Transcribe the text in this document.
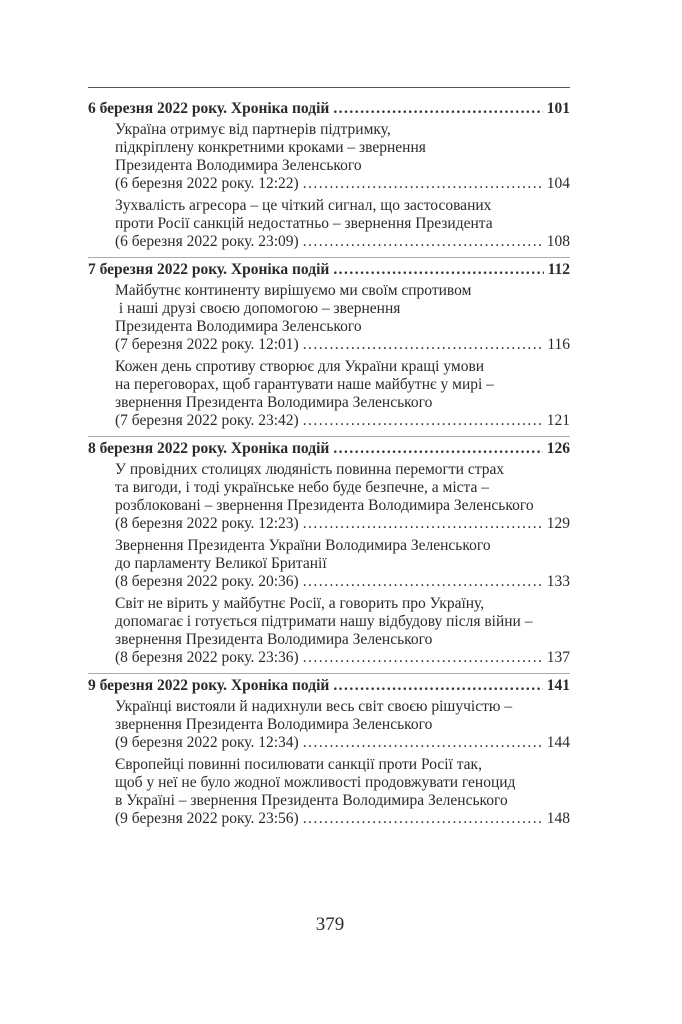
6 березня 2022 року. Хроніка подій . . .	101
Україна отримує від партнерів підтримку,
підкріплену конкретними кроками – звернення
Президента Володимира Зеленського
(6 березня 2022 року. 12:22) . . .	104
Зухвалість агресора – це чіткий сигнал, що застосованих
проти Росії санкцій недостатньо – звернення Президента
(6 березня 2022 року. 23:09) . . .	108
7 березня 2022 року. Хроніка подій . . .	112
Майбутнє континенту вирішуємо ми своїм спротивом
і наші друзі своєю допомогою – звернення
Президента Володимира Зеленського
(7 березня 2022 року. 12:01) . . .	116
Кожен день спротиву створює для України кращі умови
на переговорах, щоб гарантувати наше майбутнє у мирі –
звернення Президента Володимира Зеленського
(7 березня 2022 року. 23:42) . . .	121
8 березня 2022 року. Хроніка подій . . .	126
У провідних столицях людяність повинна перемогти страх
та вигоди, і тоді українське небо буде безпечне, а міста –
розблоковані – звернення Президента Володимира Зеленського
(8 березня 2022 року. 12:23) . . .	129
Звернення Президента України Володимира Зеленського
до парламенту Великої Британії
(8 березня 2022 року. 20:36) . . .	133
Світ не вірить у майбутнє Росії, а говорить про Україну,
допомагає і готується підтримати нашу відбудову після війни –
звернення Президента Володимира Зеленського
(8 березня 2022 року. 23:36) . . .	137
9 березня 2022 року. Хроніка подій . . .	141
Українці вистояли й надихнули весь світ своєю рішучістю –
звернення Президента Володимира Зеленського
(9 березня 2022 року. 12:34) . . .	144
Європейці повинні посилювати санкції проти Росії так,
щоб у неї не було жодної можливості продовжувати геноцид
в Україні – звернення Президента Володимира Зеленського
(9 березня 2022 року. 23:56) . . .	148
379
